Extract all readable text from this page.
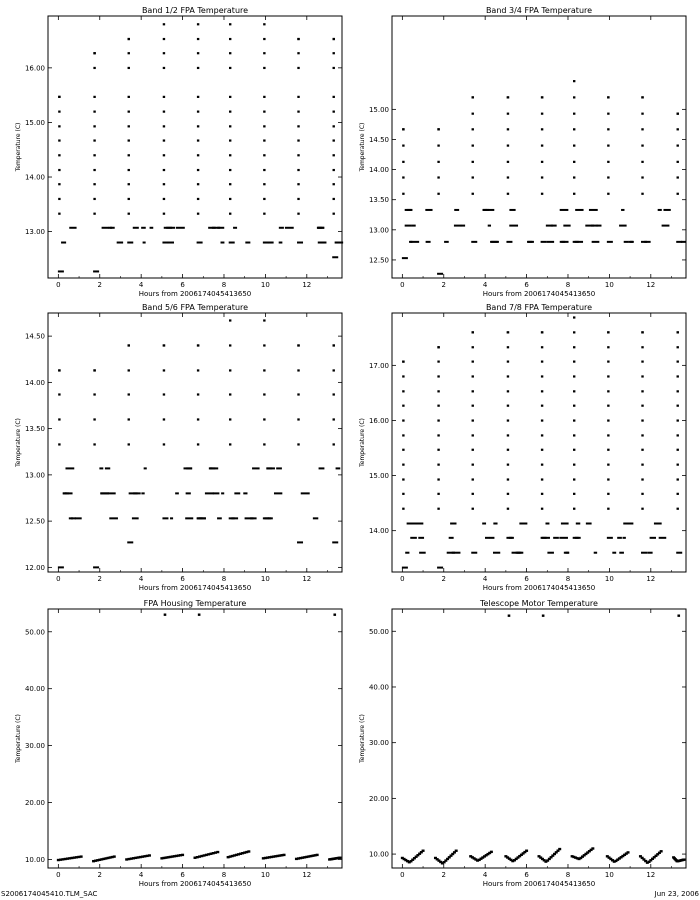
Band 1/2 FPA Temperature
Hours from 2006174045413650
Temperature (C)
0	2	4	6	8	10	12
13.00
14.00
15.00
16.00
Band 3/4 FPA Temperature
Hours from 2006174045413650
Temperature (C)
0	2	4	6	8	10	12
12.50
13.00
13.50
14.00
14.50
15.00
Band 5/6 FPA Temperature
Hours from 2006174045413650
Temperature (C)
0	2	4	6	8	10	12
12.00
12.50
13.00
13.50
14.00
14.50
Band 7/8 FPA Temperature
Hours from 2006174045413650
Temperature (C)
0	2	4	6	8	10	12
14.00
15.00
16.00
17.00
FPA Housing Temperature
Hours from 2006174045413650
Temperature (C)
0	2	4	6	8	10	12
10.00
20.00
30.00
40.00
50.00
Telescope Motor Temperature
Hours from 2006174045413650
Temperature (C)
0	2	4	6	8	10	12
10.00
20.00
30.00
40.00
50.00
S2006174045410.TLM_SAC	Jun 23, 2006
